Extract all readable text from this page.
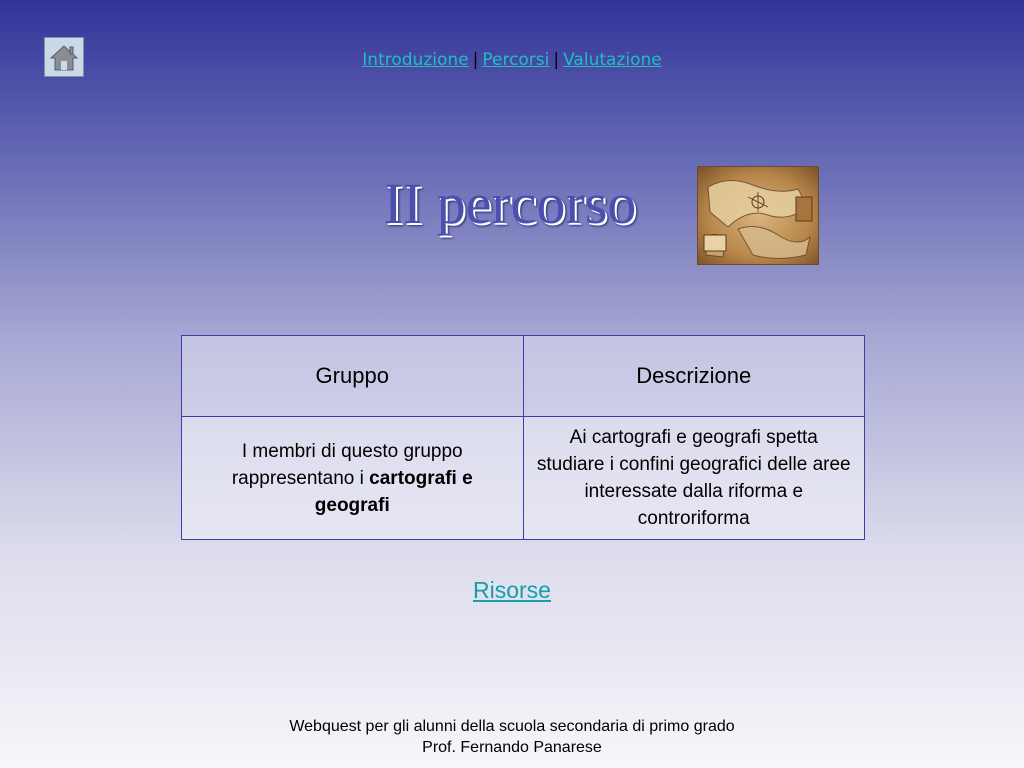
Introduzione | Percorsi | Valutazione
II percorso
Gruppo	Descrizione
I membri di questo gruppo rappresentano i cartografi e geografi	Ai cartografi e geografi spetta studiare i confini geografici delle aree interessate dalla riforma e controriforma
Risorse
Webquest per gli alunni della scuola secondaria di primo grado
Prof. Fernando Panarese
